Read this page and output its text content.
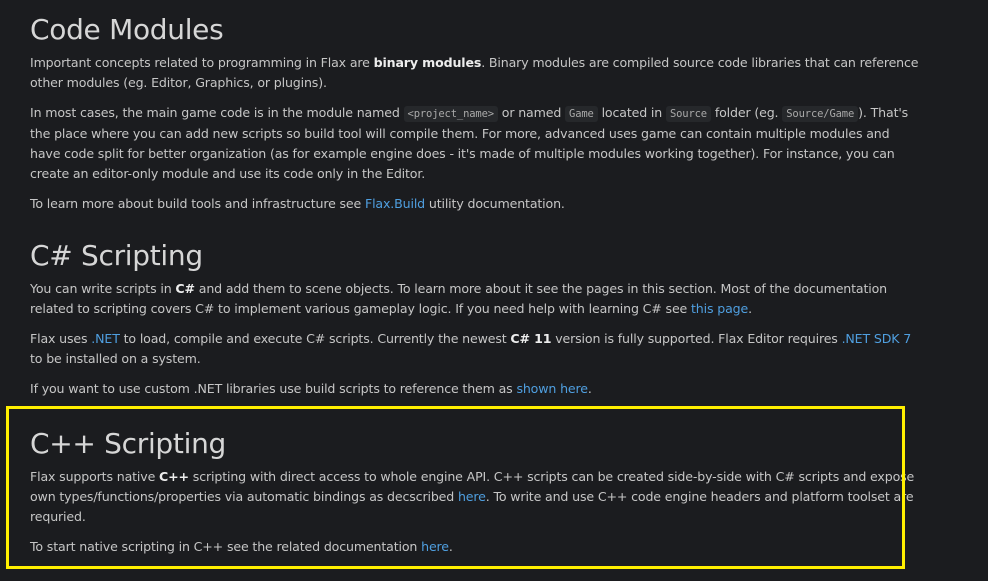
Code Modules

Important concepts related to programming in Flax are binary modules. Binary modules are compiled source code libraries that can reference other modules (eg. Editor, Graphics, or plugins).

In most cases, the main game code is in the module named <project_name> or named Game located in Source folder (eg. Source/Game ). That's the place where you can add new scripts so build tool will compile them. For more, advanced uses game can contain multiple modules and have code split for better organization (as for example engine does - it's made of multiple modules working together). For instance, you can create an editor-only module and use its code only in the Editor.

To learn more about build tools and infrastructure see Flax.Build utility documentation.

C# Scripting

You can write scripts in C# and add them to scene objects. To learn more about it see the pages in this section. Most of the documentation related to scripting covers C# to implement various gameplay logic. If you need help with learning C# see this page.

Flax uses .NET to load, compile and execute C# scripts. Currently the newest C# 11 version is fully supported. Flax Editor requires .NET SDK 7 to be installed on a system.

If you want to use custom .NET libraries use build scripts to reference them as shown here.

C++ Scripting

Flax supports native C++ scripting with direct access to whole engine API. C++ scripts can be created side-by-side with C# scripts and expose own types/functions/properties via automatic bindings as decscribed here. To write and use C++ code engine headers and platform toolset are requried.

To start native scripting in C++ see the related documentation here.
